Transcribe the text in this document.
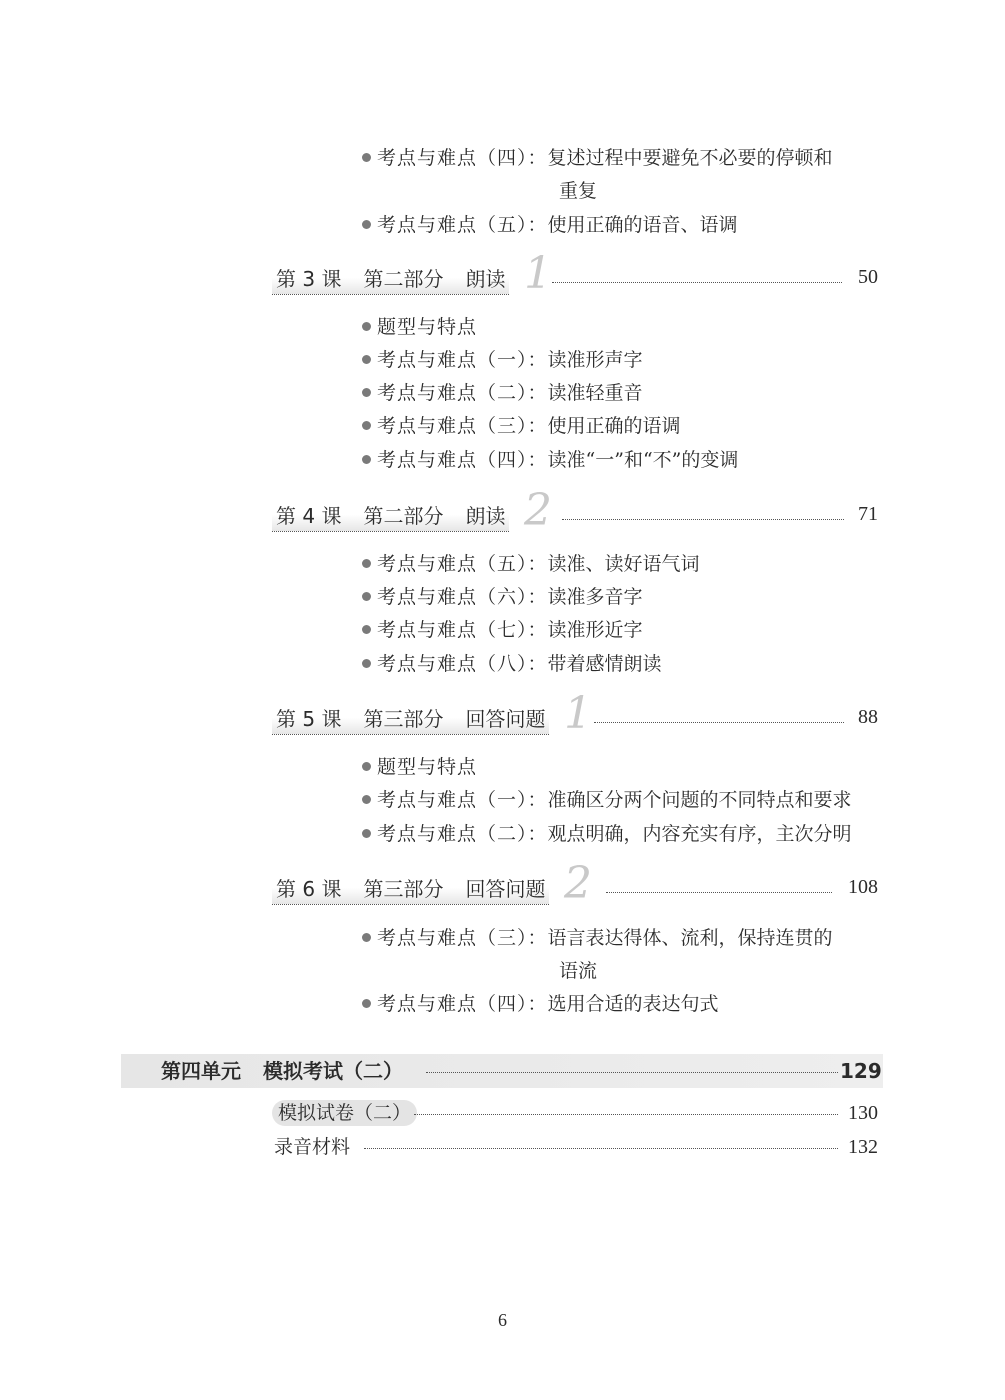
考点与难点（四）：复述过程中要避免不必要的停顿和
重复
考点与难点（五）：使用正确的语音、语调
第 3 课 第二部分 朗读 1	50
题型与特点
考点与难点（一）：读准形声字
考点与难点（二）：读准轻重音
考点与难点（三）：使用正确的语调
考点与难点（四）：读准“一”和“不”的变调
第 4 课 第二部分 朗读 2	71
考点与难点（五）：读准、读好语气词
考点与难点（六）：读准多音字
考点与难点（七）：读准形近字
考点与难点（八）：带着感情朗读
第 5 课 第三部分 回答问题 1	88
题型与特点
考点与难点（一）：准确区分两个问题的不同特点和要求
考点与难点（二）：观点明确，内容充实有序，主次分明
第 6 课 第三部分 回答问题 2	108
考点与难点（三）：语言表达得体、流利，保持连贯的
语流
考点与难点（四）：选用合适的表达句式
第四单元 模拟考试（二）	129
模拟试卷（二）	130
录音材料	132
6
